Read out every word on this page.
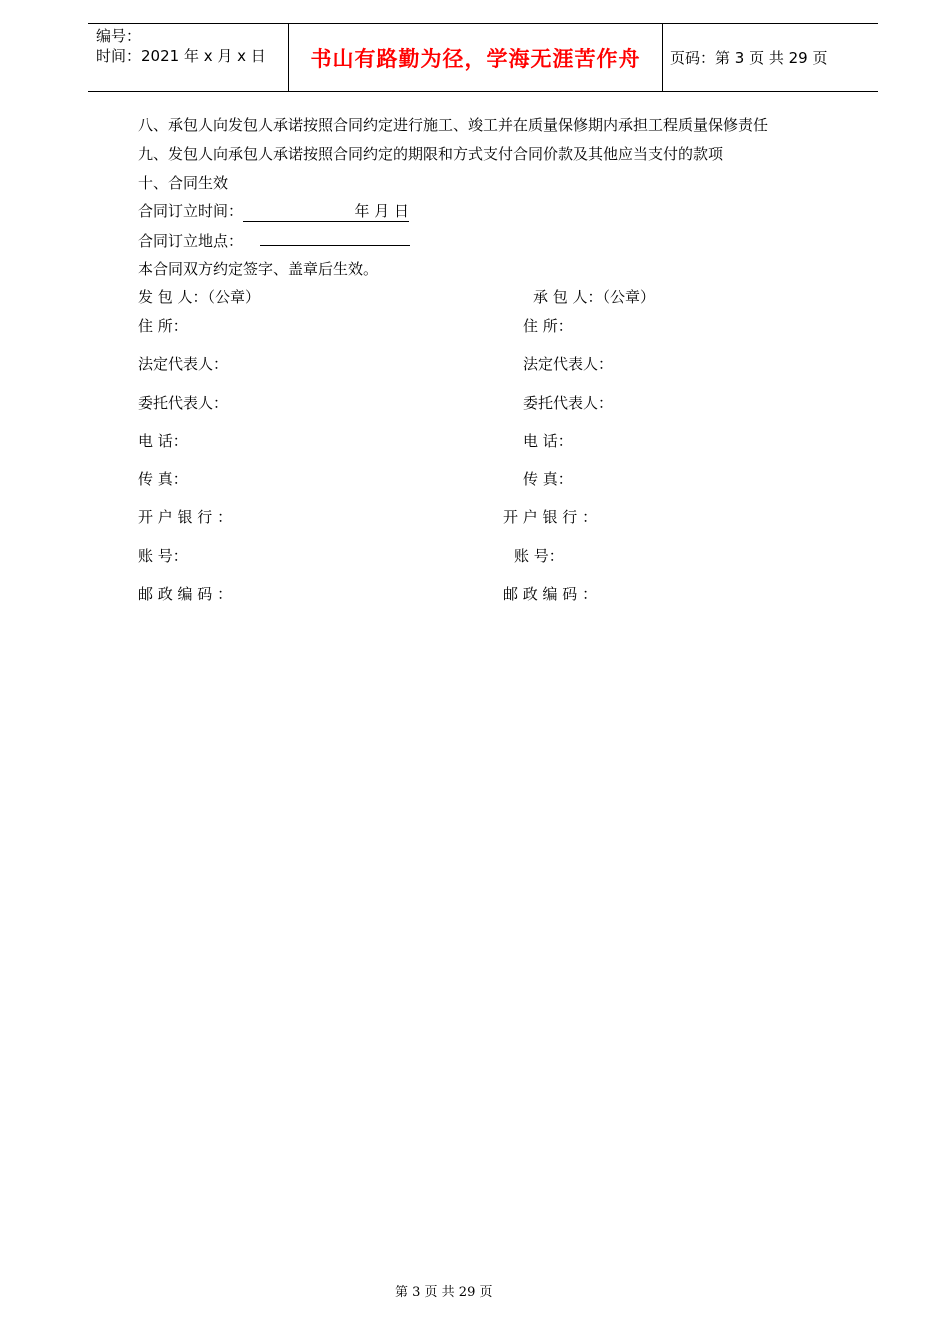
编号：
时间：2021 年 x 月 x 日	书山有路勤为径，学海无涯苦作舟	页码：第 3 页 共 29 页
八、承包人向发包人承诺按照合同约定进行施工、竣工并在质量保修期内承担工程质量保修责任
九、发包人向承包人承诺按照合同约定的期限和方式支付合同价款及其他应当支付的款项
十、合同生效
合同订立时间：	年 月 日
合同订立地点：
本合同双方约定签字、盖章后生效。
发 包 人：（公章）	承 包 人：（公章）
住 所：	住 所：
法定代表人：	法定代表人：
委托代表人：	委托代表人：
电 话：	电 话：
传 真：	传 真：
开 户 银 行 ：	开 户 银 行 ：
账 号：	账 号：
邮 政 编 码 ：	邮 政 编 码 ：
第 3 页 共 29 页
